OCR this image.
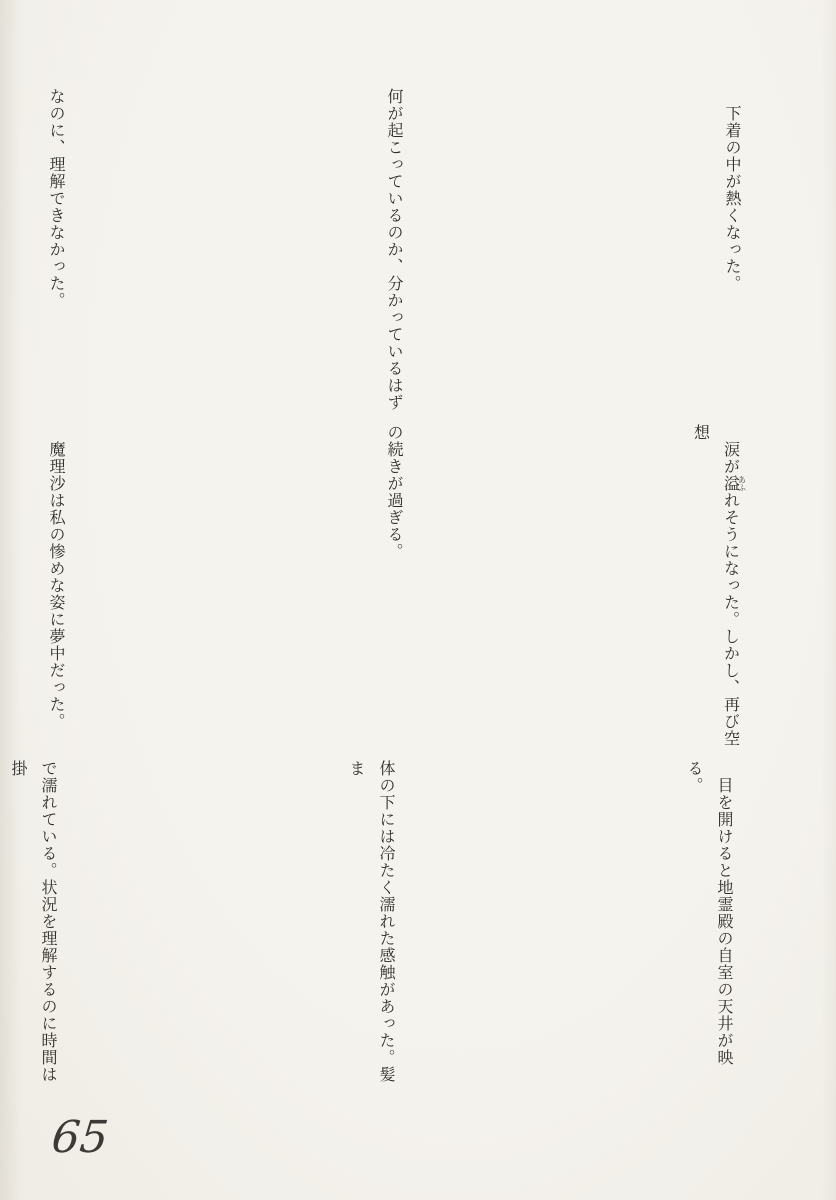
　下着の中が熱くなった。

何が起こっているのか、分かっているはず

なのに、理解できなかった。

　涙が溢 あふれそうになった。しかし、再び空想

の続きが過ぎる。

　魔理沙は私の惨めな姿に夢中だった。

　目を開けると地霊殿の自室の天井が映る。

体の下には冷たく濡れた感触があった。髪ま

で濡れている。状況を理解するのに時間は掛

65
